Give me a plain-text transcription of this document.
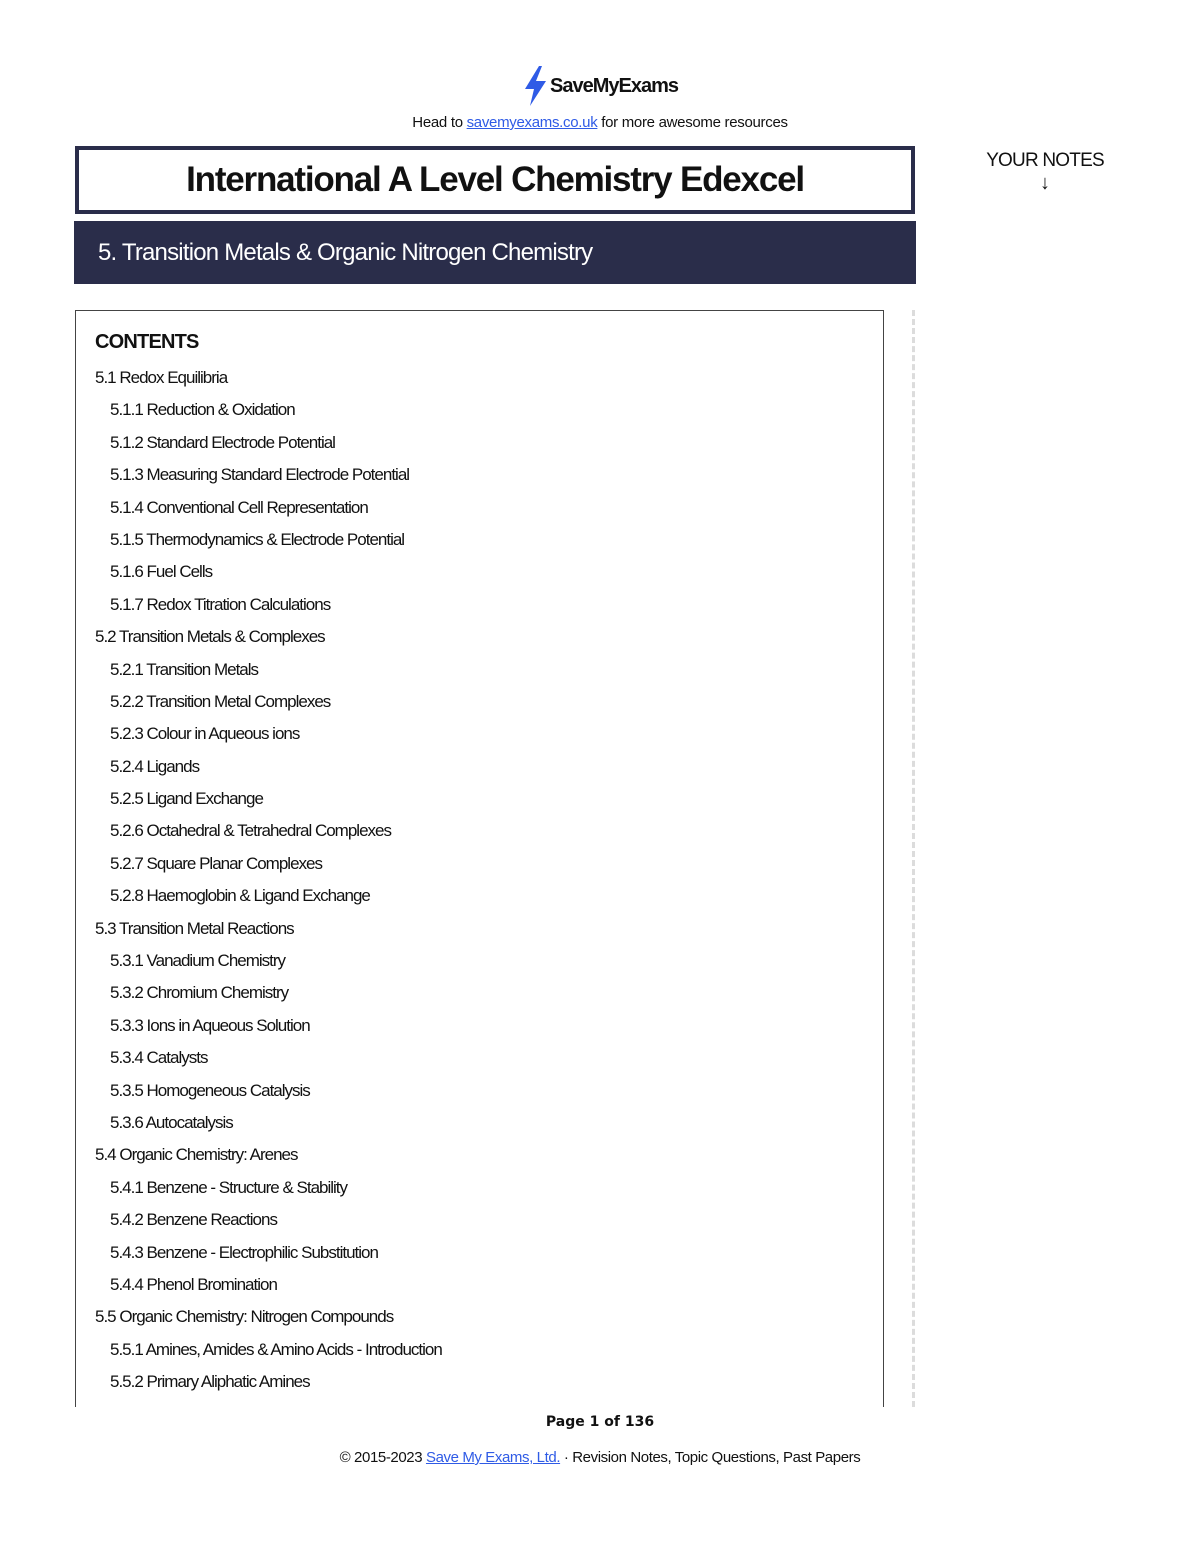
SaveMyExams
Head to savemyexams.co.uk for more awesome resources
International A Level Chemistry Edexcel
5. Transition Metals & Organic Nitrogen Chemistry
YOUR NOTES
↓
CONTENTS
5.1 Redox Equilibria
5.1.1 Reduction & Oxidation
5.1.2 Standard Electrode Potential
5.1.3 Measuring Standard Electrode Potential
5.1.4 Conventional Cell Representation
5.1.5 Thermodynamics & Electrode Potential
5.1.6 Fuel Cells
5.1.7 Redox Titration Calculations
5.2 Transition Metals & Complexes
5.2.1 Transition Metals
5.2.2 Transition Metal Complexes
5.2.3 Colour in Aqueous ions
5.2.4 Ligands
5.2.5 Ligand Exchange
5.2.6 Octahedral & Tetrahedral Complexes
5.2.7 Square Planar Complexes
5.2.8 Haemoglobin & Ligand Exchange
5.3 Transition Metal Reactions
5.3.1 Vanadium Chemistry
5.3.2 Chromium Chemistry
5.3.3 Ions in Aqueous Solution
5.3.4 Catalysts
5.3.5 Homogeneous Catalysis
5.3.6 Autocatalysis
5.4 Organic Chemistry: Arenes
5.4.1 Benzene - Structure & Stability
5.4.2 Benzene Reactions
5.4.3 Benzene - Electrophilic Substitution
5.4.4 Phenol Bromination
5.5 Organic Chemistry: Nitrogen Compounds
5.5.1 Amines, Amides & Amino Acids - Introduction
5.5.2 Primary Aliphatic Amines
Page 1 of 136
© 2015-2023 Save My Exams, Ltd. · Revision Notes, Topic Questions, Past Papers
